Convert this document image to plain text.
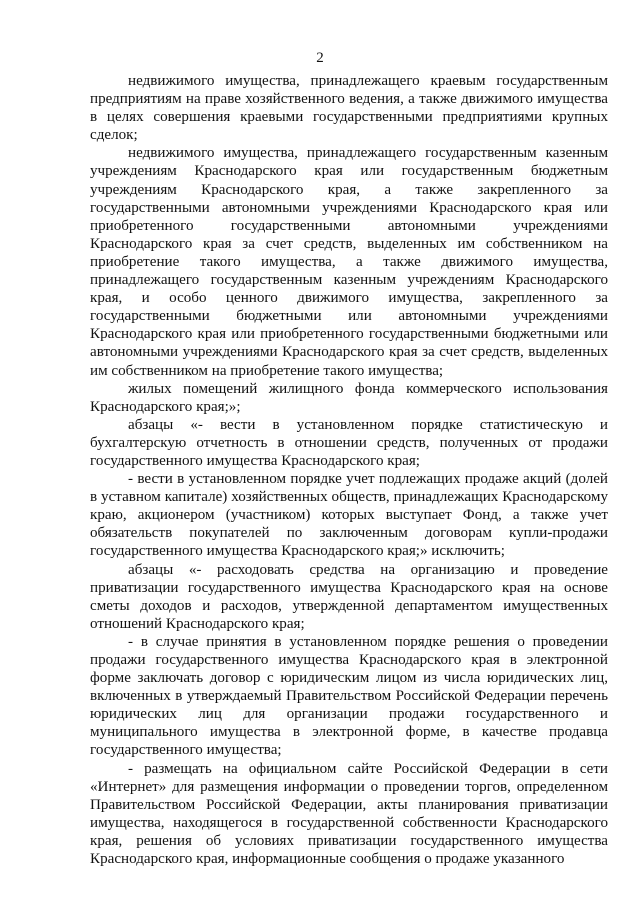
2

недвижимого имущества, принадлежащего краевым государственным предприятиям на праве хозяйственного ведения, а также движимого имущества в целях совершения краевыми государственными предприятиями крупных сделок;

недвижимого имущества, принадлежащего государственным казенным учреждениям Краснодарского края или государственным бюджетным учреждениям Краснодарского края, а также закрепленного за государственными автономными учреждениями Краснодарского края или приобретенного государственными автономными учреждениями Краснодарского края за счет средств, выделенных им собственником на приобретение такого имущества, а также движимого имущества, принадлежащего государственным казенным учреждениям Краснодарского края, и особо ценного движимого имущества, закрепленного за государственными бюджетными или автономными учреждениями Краснодарского края или приобретенного государственными бюджетными или автономными учреждениями Краснодарского края за счет средств, выделенных им собственником на приобретение такого имущества;

жилых помещений жилищного фонда коммерческого использования Краснодарского края;»;

абзацы «- вести в установленном порядке статистическую и бухгалтерскую отчетность в отношении средств, полученных от продажи государственного имущества Краснодарского края;

- вести в установленном порядке учет подлежащих продаже акций (долей в уставном капитале) хозяйственных обществ, принадлежащих Краснодарскому краю, акционером (участником) которых выступает Фонд, а также учет обязательств покупателей по заключенным договорам купли-продажи государственного имущества Краснодарского края;» исключить;

абзацы «- расходовать средства на организацию и проведение приватизации государственного имущества Краснодарского края на основе сметы доходов и расходов, утвержденной департаментом имущественных отношений Краснодарского края;

- в случае принятия в установленном порядке решения о проведении продажи государственного имущества Краснодарского края в электронной форме заключать договор с юридическим лицом из числа юридических лиц, включенных в утверждаемый Правительством Российской Федерации перечень юридических лиц для организации продажи государственного и муниципального имущества в электронной форме, в качестве продавца государственного имущества;

- размещать на официальном сайте Российской Федерации в сети «Интернет» для размещения информации о проведении торгов, определенном Правительством Российской Федерации, акты планирования приватизации имущества, находящегося в государственной собственности Краснодарского края, решения об условиях приватизации государственного имущества Краснодарского края, информационные сообщения о продаже указанного
